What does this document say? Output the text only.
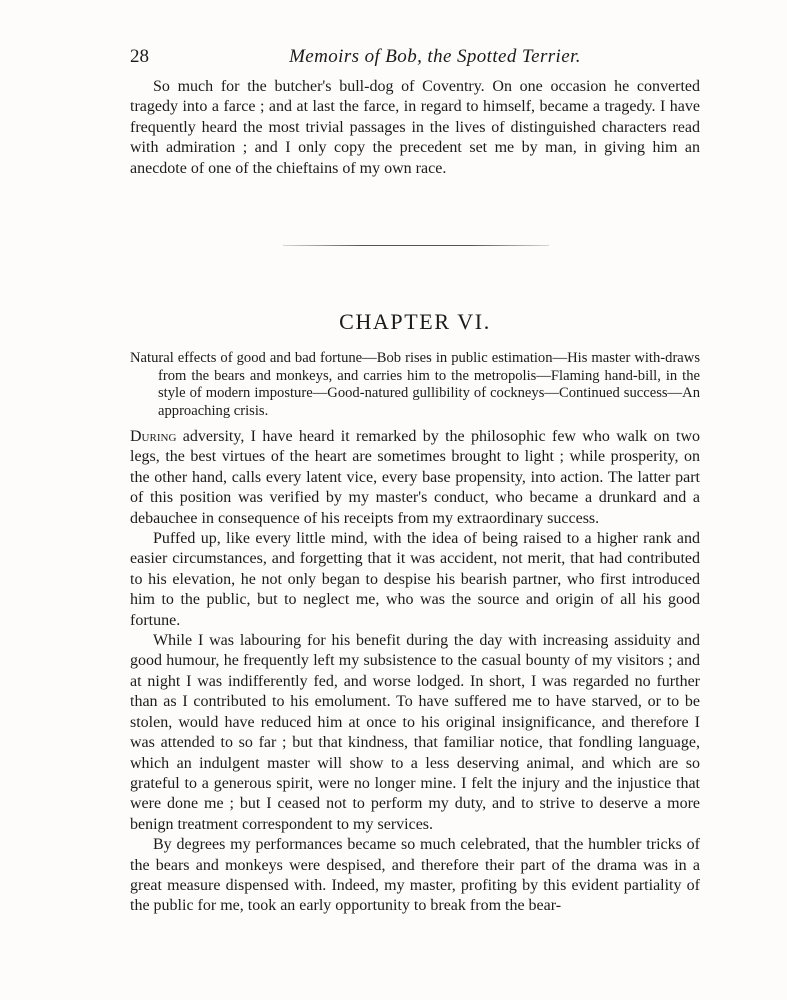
28	Memoirs of Bob, the Spotted Terrier.

So much for the butcher's bull-dog of Coventry. On one occasion he converted tragedy into a farce ; and at last the farce, in regard to himself, became a tragedy. I have frequently heard the most trivial passages in the lives of distinguished characters read with admiration ; and I only copy the precedent set me by man, in giving him an anecdote of one of the chieftains of my own race.

CHAPTER VI.
Natural effects of good and bad fortune—Bob rises in public estimation—His master with-draws from the bears and monkeys, and carries him to the metropolis—Flaming hand-bill, in the style of modern imposture—Good-natured gullibility of cockneys—Continued success—An approaching crisis.

During adversity, I have heard it remarked by the philosophic few who walk on two legs, the best virtues of the heart are sometimes brought to light ; while prosperity, on the other hand, calls every latent vice, every base propensity, into action. The latter part of this position was verified by my master's conduct, who became a drunkard and a debauchee in consequence of his receipts from my extraordinary success.

Puffed up, like every little mind, with the idea of being raised to a higher rank and easier circumstances, and forgetting that it was accident, not merit, that had contributed to his elevation, he not only began to despise his bearish partner, who first introduced him to the public, but to neglect me, who was the source and origin of all his good fortune.

While I was labouring for his benefit during the day with increasing assiduity and good humour, he frequently left my subsistence to the casual bounty of my visitors ; and at night I was indifferently fed, and worse lodged. In short, I was regarded no further than as I contributed to his emolument. To have suffered me to have starved, or to be stolen, would have reduced him at once to his original insignificance, and therefore I was attended to so far ; but that kindness, that familiar notice, that fondling language, which an indulgent master will show to a less deserving animal, and which are so grateful to a generous spirit, were no longer mine. I felt the injury and the injustice that were done me ; but I ceased not to perform my duty, and to strive to deserve a more benign treatment correspondent to my services.

By degrees my performances became so much celebrated, that the humbler tricks of the bears and monkeys were despised, and therefore their part of the drama was in a great measure dispensed with. Indeed, my master, profiting by this evident partiality of the public for me, took an early opportunity to break from the bear-
